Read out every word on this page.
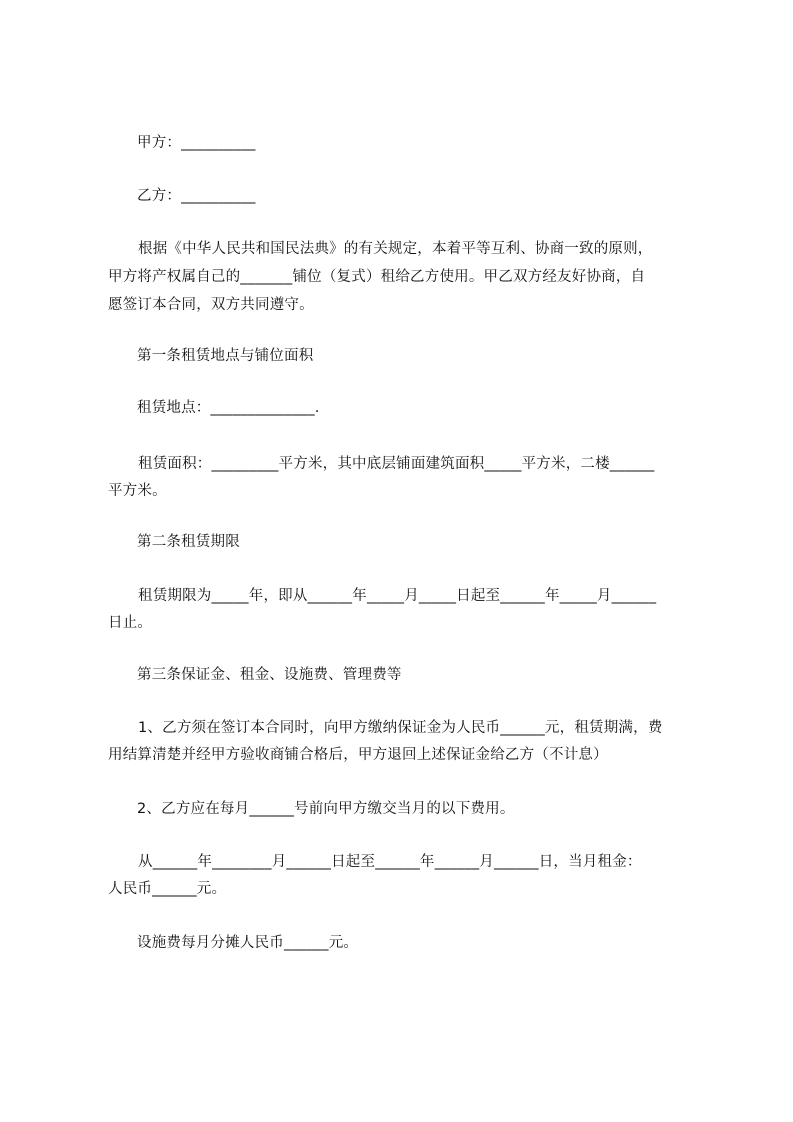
甲方：__________

乙方：__________

根据《中华人民共和国民法典》的有关规定，本着平等互利、协商一致的原则，

甲方将产权属自己的_______铺位（复式）租给乙方使用。甲乙双方经友好协商，自

愿签订本合同，双方共同遵守。

第一条租赁地点与铺位面积

租赁地点：______________.

租赁面积：_________平方米，其中底层铺面建筑面积_____平方米，二楼______

平方米。

第二条租赁期限

租赁期限为_____年，即从______年_____月_____日起至______年_____月______

日止。

第三条保证金、租金、设施费、管理费等

1、乙方须在签订本合同时，向甲方缴纳保证金为人民币______元，租赁期满，费

用结算清楚并经甲方验收商铺合格后，甲方退回上述保证金给乙方（不计息）

2、乙方应在每月______号前向甲方缴交当月的以下费用。

从______年________月______日起至______年______月______日，当月租金：

人民币______元。

设施费每月分摊人民币______元。
